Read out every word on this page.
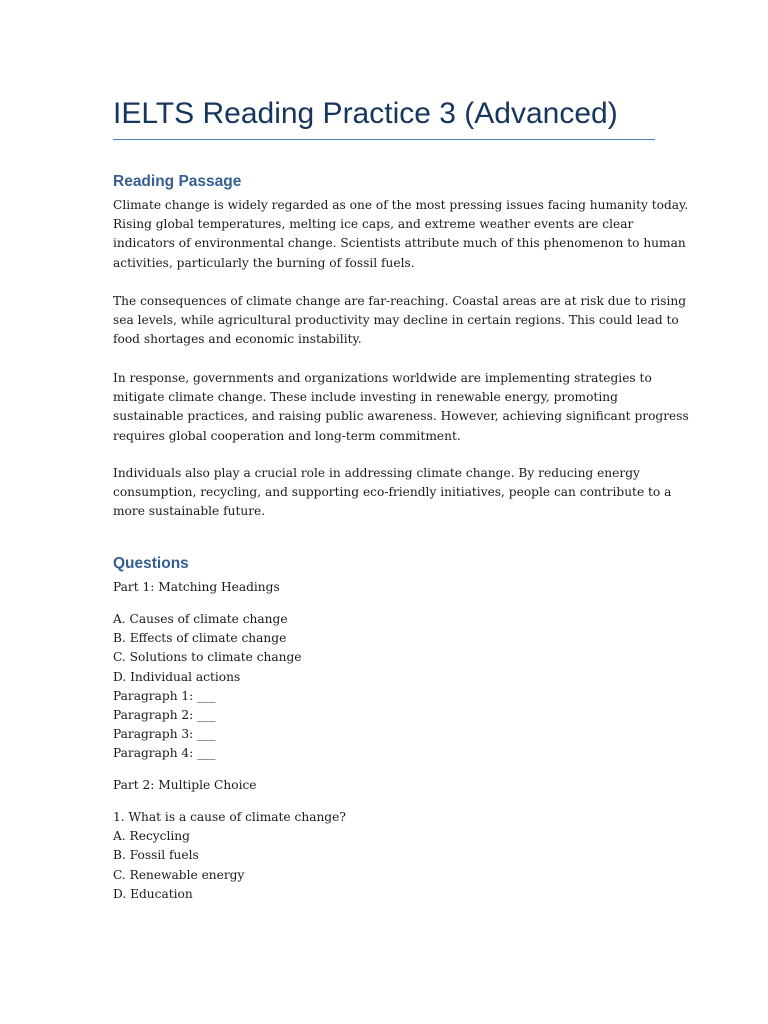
IELTS Reading Practice 3 (Advanced)
Reading Passage

Climate change is widely regarded as one of the most pressing issues facing humanity today.
Rising global temperatures, melting ice caps, and extreme weather events are clear
indicators of environmental change. Scientists attribute much of this phenomenon to human
activities, particularly the burning of fossil fuels.

The consequences of climate change are far-reaching. Coastal areas are at risk due to rising
sea levels, while agricultural productivity may decline in certain regions. This could lead to
food shortages and economic instability.

In response, governments and organizations worldwide are implementing strategies to
mitigate climate change. These include investing in renewable energy, promoting
sustainable practices, and raising public awareness. However, achieving significant progress
requires global cooperation and long-term commitment.

Individuals also play a crucial role in addressing climate change. By reducing energy
consumption, recycling, and supporting eco-friendly initiatives, people can contribute to a
more sustainable future.

Questions

Part 1: Matching Headings

A. Causes of climate change
B. Effects of climate change
C. Solutions to climate change
D. Individual actions
Paragraph 1: ___
Paragraph 2: ___
Paragraph 3: ___
Paragraph 4: ___

Part 2: Multiple Choice

1. What is a cause of climate change?
A. Recycling
B. Fossil fuels
C. Renewable energy
D. Education
